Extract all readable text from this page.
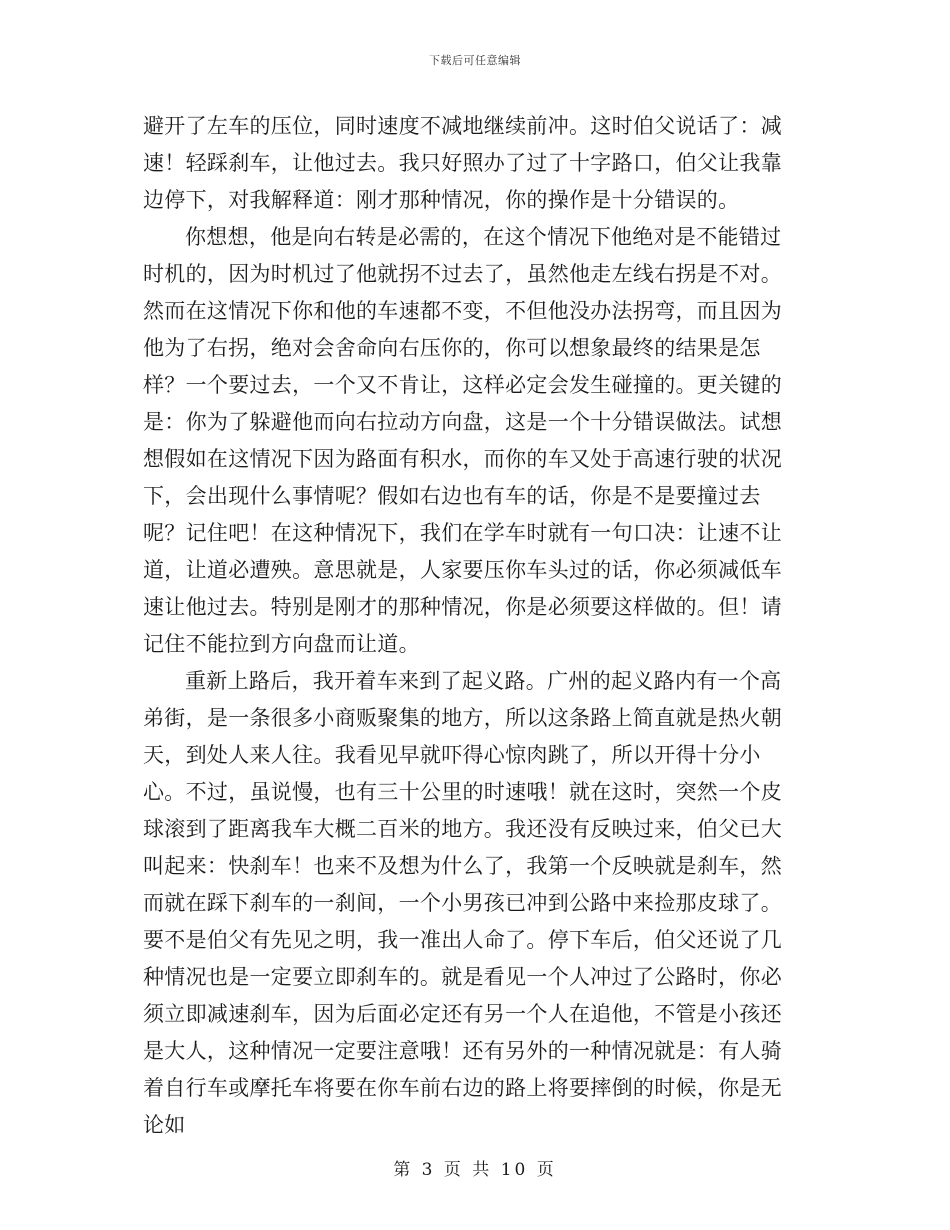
下载后可任意编辑

避开了左车的压位，同时速度不减地继续前冲。这时伯父说话了：减速！轻踩刹车，让他过去。我只好照办了过了十字路口，伯父让我靠边停下，对我解释道：刚才那种情况，你的操作是十分错误的。

你想想，他是向右转是必需的，在这个情况下他绝对是不能错过时机的，因为时机过了他就拐不过去了，虽然他走左线右拐是不对。然而在这情况下你和他的车速都不变，不但他没办法拐弯，而且因为他为了右拐，绝对会舍命向右压你的，你可以想象最终的结果是怎样？一个要过去，一个又不肯让，这样必定会发生碰撞的。更关键的是：你为了躲避他而向右拉动方向盘，这是一个十分错误做法。试想想假如在这情况下因为路面有积水，而你的车又处于高速行驶的状况下，会出现什么事情呢？假如右边也有车的话，你是不是要撞过去呢？记住吧！在这种情况下，我们在学车时就有一句口决：让速不让道，让道必遭殃。意思就是，人家要压你车头过的话，你必须减低车速让他过去。特别是刚才的那种情况，你是必须要这样做的。但！请记住不能拉到方向盘而让道。

重新上路后，我开着车来到了起义路。广州的起义路内有一个高弟街，是一条很多小商贩聚集的地方，所以这条路上简直就是热火朝天，到处人来人往。我看见早就吓得心惊肉跳了，所以开得十分小心。不过，虽说慢，也有三十公里的时速哦！就在这时，突然一个皮球滚到了距离我车大概二百米的地方。我还没有反映过来，伯父已大叫起来：快刹车！也来不及想为什么了，我第一个反映就是刹车，然而就在踩下刹车的一刹间，一个小男孩已冲到公路中来捡那皮球了。要不是伯父有先见之明，我一准出人命了。停下车后，伯父还说了几种情况也是一定要立即刹车的。就是看见一个人冲过了公路时，你必须立即减速刹车，因为后面必定还有另一个人在追他，不管是小孩还是大人，这种情况一定要注意哦！还有另外的一种情况就是：有人骑着自行车或摩托车将要在你车前右边的路上将要摔倒的时候，你是无论如

第 3 页 共 10 页
